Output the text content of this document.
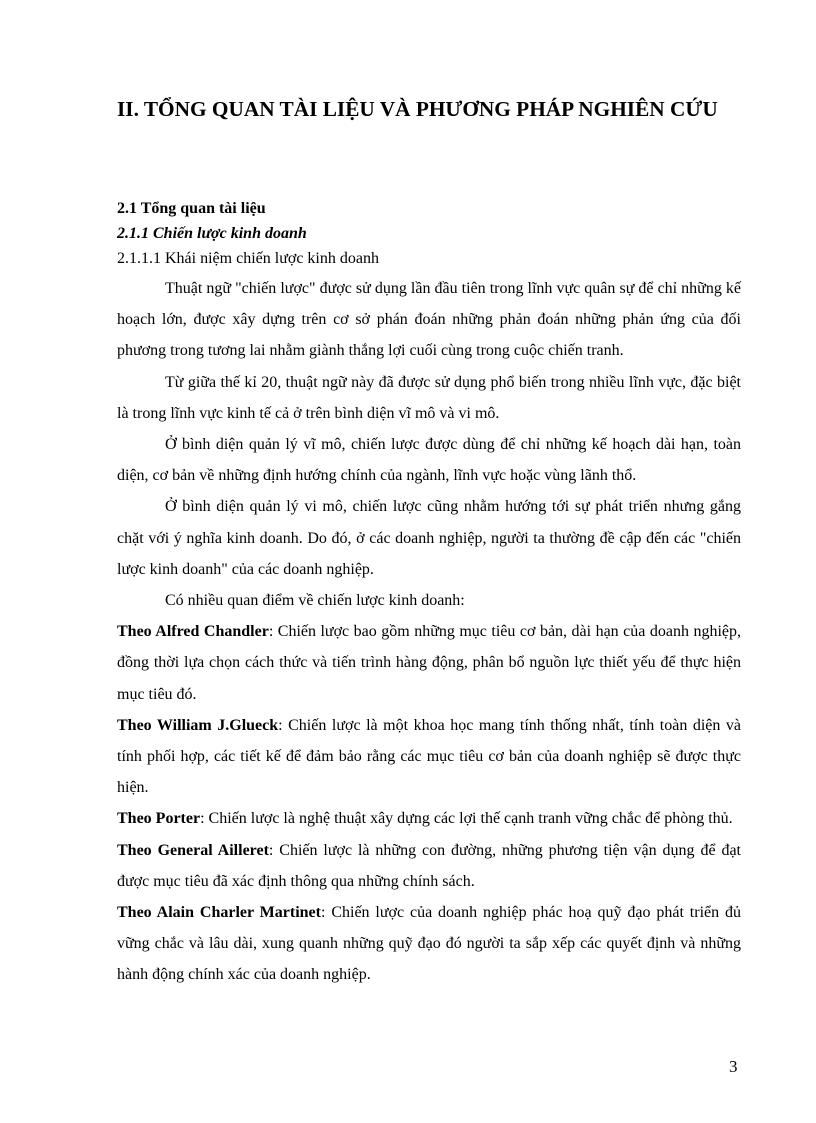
II. TỔNG QUAN TÀI LIỆU VÀ PHƯƠNG PHÁP NGHIÊN CỨU

2.1 Tổng quan tài liệu

2.1.1 Chiến lược kinh doanh

2.1.1.1 Khái niệm chiến lược kinh doanh

Thuật ngữ "chiến lược" được sử dụng lần đầu tiên trong lĩnh vực quân sự để chỉ những kế hoạch lớn, được xây dựng trên cơ sở phán đoán những phản đoán những phản ứng của đối phương trong tương lai nhằm giành thắng lợi cuối cùng trong cuộc chiến tranh.

Từ giữa thế kỉ 20, thuật ngữ này đã được sử dụng phổ biến trong nhiều lĩnh vực, đặc biệt là trong lĩnh vực kinh tế cả ở trên bình diện vĩ mô và vi mô.

Ở bình diện quản lý vĩ mô, chiến lược được dùng để chỉ những kế hoạch dài hạn, toàn diện, cơ bản về những định hướng chính của ngành, lĩnh vực hoặc vùng lãnh thổ.

Ở bình diện quản lý vi mô, chiến lược cũng nhằm hướng tới sự phát triển nhưng gắng chặt với ý nghĩa kinh doanh. Do đó, ở các doanh nghiệp, người ta thường đề cập đến các "chiến lược kinh doanh" của các doanh nghiệp.

Có nhiều quan điểm về chiến lược kinh doanh:

Theo Alfred Chandler: Chiến lược bao gồm những mục tiêu cơ bản, dài hạn của doanh nghiệp, đồng thời lựa chọn cách thức và tiến trình hàng động, phân bổ nguồn lực thiết yếu để thực hiện mục tiêu đó.

Theo William J.Glueck: Chiến lược là một khoa học mang tính thống nhất, tính toàn diện và tính phối hợp, các tiết kế để đảm bảo rằng các mục tiêu cơ bản của doanh nghiệp sẽ được thực hiện.

Theo Porter: Chiến lược là nghệ thuật xây dựng các lợi thế cạnh tranh vững chắc để phòng thủ.

Theo General Ailleret: Chiến lược là những con đường, những phương tiện vận dụng để đạt được mục tiêu đã xác định thông qua những chính sách.

Theo Alain Charler Martinet: Chiến lược của doanh nghiệp phác hoạ quỹ đạo phát triển đủ vững chắc và lâu dài, xung quanh những quỹ đạo đó người ta sắp xếp các quyết định và những hành động chính xác của doanh nghiệp.

3
